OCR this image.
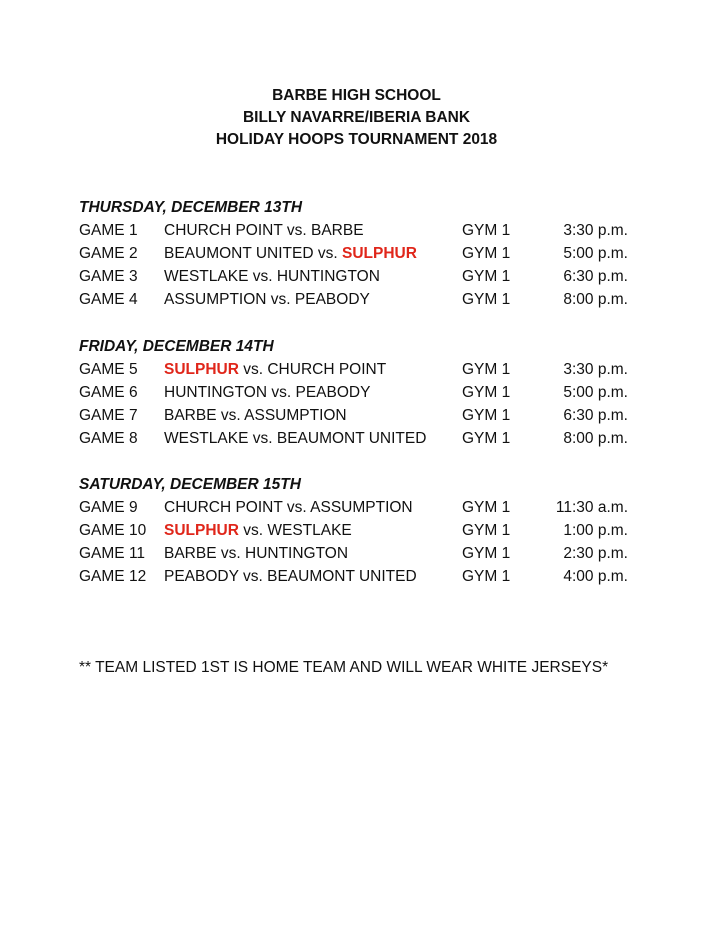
BARBE HIGH SCHOOL
BILLY NAVARRE/IBERIA BANK
HOLIDAY HOOPS TOURNAMENT 2018
THURSDAY, DECEMBER 13TH
GAME 1 CHURCH POINT vs. BARBE	GYM 1	3:30 p.m.
GAME 2 BEAUMONT UNITED vs. SULPHUR	GYM 1	5:00 p.m.
GAME 3 WESTLAKE vs. HUNTINGTON	GYM 1	6:30 p.m.
GAME 4 ASSUMPTION vs. PEABODY	GYM 1	8:00 p.m.
FRIDAY, DECEMBER 14TH
GAME 5 SULPHUR vs. CHURCH POINT	GYM 1	3:30 p.m.
GAME 6 HUNTINGTON vs. PEABODY	GYM 1	5:00 p.m.
GAME 7 BARBE vs. ASSUMPTION	GYM 1	6:30 p.m.
GAME 8 WESTLAKE vs. BEAUMONT UNITED GYM 1	8:00 p.m.
SATURDAY, DECEMBER 15TH
GAME 9 CHURCH POINT vs. ASSUMPTION	GYM 1	11:30 a.m.
GAME 10 SULPHUR vs. WESTLAKE	GYM 1	1:00 p.m.
GAME 11 BARBE vs. HUNTINGTON	GYM 1	2:30 p.m.
GAME 12 PEABODY vs. BEAUMONT UNITED	GYM 1	4:00 p.m.
** TEAM LISTED 1ST IS HOME TEAM AND WILL WEAR WHITE JERSEYS*
